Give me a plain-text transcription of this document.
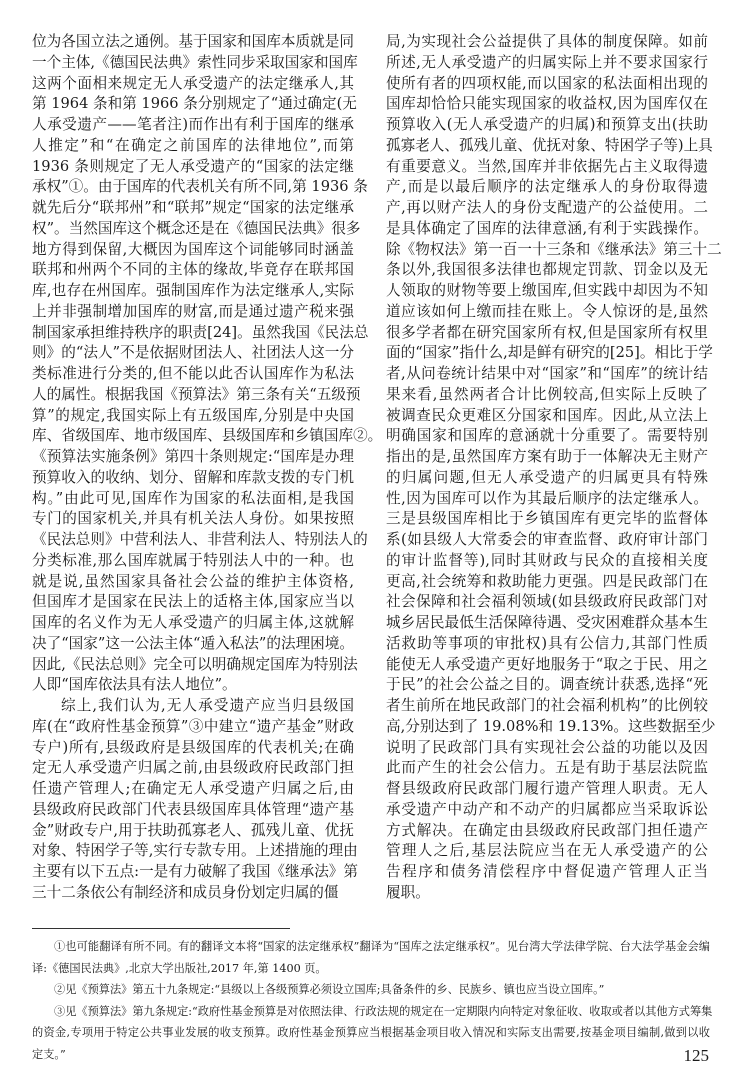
位为各国立法之通例。基于国家和国库本质就是同
一个主体,《德国民法典》索性同步采取国家和国库
这两个面相来规定无人承受遗产的法定继承人,其
第 1964 条和第 1966 条分别规定了“通过确定(无
人承受遗产——笔者注)而作出有利于国库的继承
人推定”和“在确定之前国库的法律地位”,而第
1936 条则规定了无人承受遗产的“国家的法定继
承权”①。由于国库的代表机关有所不同,第 1936 条
就先后分“联邦州”和“联邦”规定“国家的法定继承
权”。当然国库这个概念还是在《德国民法典》很多
地方得到保留,大概因为国库这个词能够同时涵盖
联邦和州两个不同的主体的缘故,毕竟存在联邦国
库,也存在州国库。强制国库作为法定继承人,实际
上并非强制增加国库的财富,而是通过遗产税来强
制国家承担维持秩序的职责[24]。虽然我国《民法总
则》的“法人”不是依据财团法人、社团法人这一分
类标准进行分类的,但不能以此否认国库作为私法
人的属性。根据我国《预算法》第三条有关“五级预
算”的规定,我国实际上有五级国库,分别是中央国
库、省级国库、地市级国库、县级国库和乡镇国库②。
《预算法实施条例》第四十条则规定:“国库是办理
预算收入的收纳、划分、留解和库款支拨的专门机
构。”由此可见,国库作为国家的私法面相,是我国
专门的国家机关,并具有机关法人身份。如果按照
《民法总则》中营利法人、非营利法人、特别法人的
分类标准,那么国库就属于特别法人中的一种。也
就是说,虽然国家具备社会公益的维护主体资格,
但国库才是国家在民法上的适格主体,国家应当以
国库的名义作为无人承受遗产的归属主体,这就解
决了“国家”这一公法主体“遁入私法”的法理困境。
因此,《民法总则》完全可以明确规定国库为特别法
人即“国库依法具有法人地位”。
综上,我们认为,无人承受遗产应当归县级国
库(在“政府性基金预算”③中建立“遗产基金”财政
专户)所有,县级政府是县级国库的代表机关;在确
定无人承受遗产归属之前,由县级政府民政部门担
任遗产管理人;在确定无人承受遗产归属之后,由
县级政府民政部门代表县级国库具体管理“遗产基
金”财政专户,用于扶助孤寡老人、孤残儿童、优抚
对象、特困学子等,实行专款专用。上述措施的理由
主要有以下五点:一是有力破解了我国《继承法》第
三十二条依公有制经济和成员身份划定归属的僵
局,为实现社会公益提供了具体的制度保障。如前
所述,无人承受遗产的归属实际上并不要求国家行
使所有者的四项权能,而以国家的私法面相出现的
国库却恰恰只能实现国家的收益权,因为国库仅在
预算收入(无人承受遗产的归属)和预算支出(扶助
孤寡老人、孤残儿童、优抚对象、特困学子等)上具
有重要意义。当然,国库并非依据先占主义取得遗
产,而是以最后顺序的法定继承人的身份取得遗
产,再以财产法人的身份支配遗产的公益使用。二
是具体确定了国库的法律意涵,有利于实践操作。
除《物权法》第一百一十三条和《继承法》第三十二
条以外,我国很多法律也都规定罚款、罚金以及无
人领取的财物等要上缴国库,但实践中却因为不知
道应该如何上缴而挂在账上。令人惊讶的是,虽然
很多学者都在研究国家所有权,但是国家所有权里
面的“国家”指什么,却是鲜有研究的[25]。相比于学
者,从问卷统计结果中对“国家”和“国库”的统计结
果来看,虽然两者合计比例较高,但实际上反映了
被调查民众更难区分国家和国库。因此,从立法上
明确国家和国库的意涵就十分重要了。需要特别
指出的是,虽然国库方案有助于一体解决无主财产
的归属问题,但无人承受遗产的归属更具有特殊
性,因为国库可以作为其最后顺序的法定继承人。
三是县级国库相比于乡镇国库有更完毕的监督体
系(如县级人大常委会的审查监督、政府审计部门
的审计监督等),同时其财政与民众的直接相关度
更高,社会统筹和救助能力更强。四是民政部门在
社会保障和社会福利领域(如县级政府民政部门对
城乡居民最低生活保障待遇、受灾困难群众基本生
活救助等事项的审批权)具有公信力,其部门性质
能使无人承受遗产更好地服务于“取之于民、用之
于民”的社会公益之目的。调查统计获悉,选择“死
者生前所在地民政部门的社会福利机构”的比例较
高,分别达到了 19.08%和 19.13%。这些数据至少
说明了民政部门具有实现社会公益的功能以及因
此而产生的社会公信力。五是有助于基层法院监
督县级政府民政部门履行遗产管理人职责。无人
承受遗产中动产和不动产的归属都应当采取诉讼
方式解决。在确定由县级政府民政部门担任遗产
管理人之后,基层法院应当在无人承受遗产的公
告程序和债务清偿程序中督促遗产管理人正当
履职。
①也可能翻译有所不同。有的翻译文本将“国家的法定继承权”翻译为“国库之法定继承权”。见台湾大学法律学院、台大法学基金会编
译:《德国民法典》,北京大学出版社,2017 年,第 1400 页。
②见《预算法》第五十九条规定:“县级以上各级预算必须设立国库;具备条件的乡、民族乡、镇也应当设立国库。”
③见《预算法》第九条规定:“政府性基金预算是对依照法律、行政法规的规定在一定期限内向特定对象征收、收取或者以其他方式筹集
的资金,专项用于特定公共事业发展的收支预算。政府性基金预算应当根据基金项目收入情况和实际支出需要,按基金项目编制,做到以收
定支。”	125
